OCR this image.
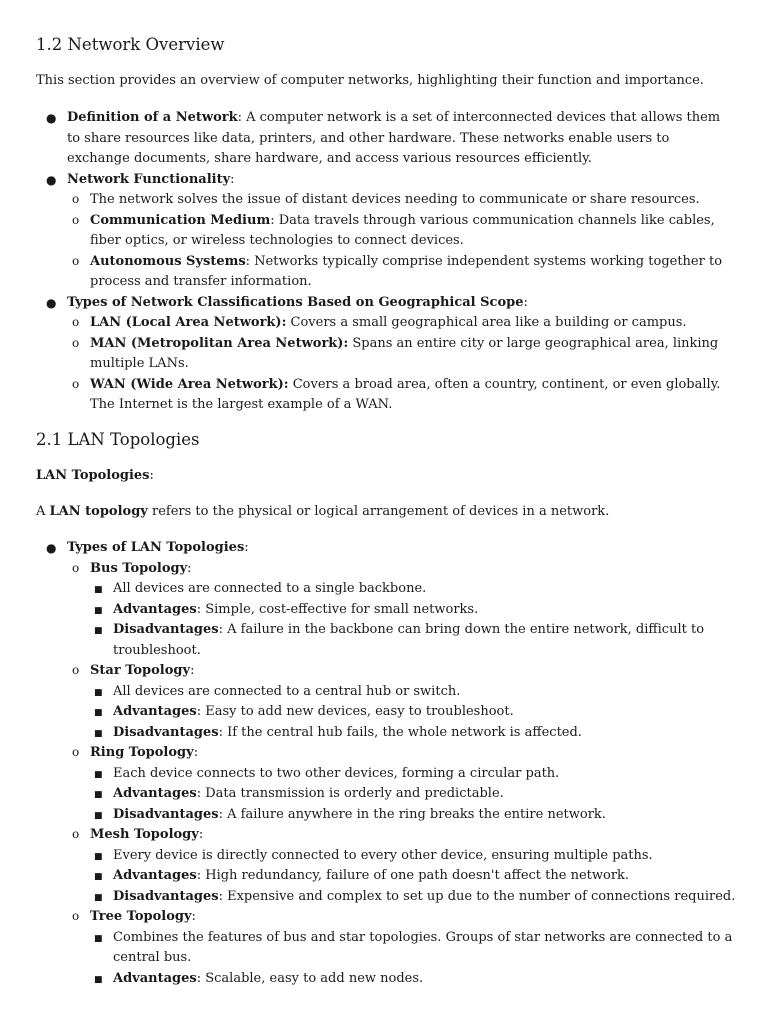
1.2 Network Overview

This section provides an overview of computer networks, highlighting their function and importance.

● Definition of a Network: A computer network is a set of interconnected devices that allows them to share resources like data, printers, and other hardware. These networks enable users to exchange documents, share hardware, and access various resources efficiently.
● Network Functionality:
o The network solves the issue of distant devices needing to communicate or share resources.
o Communication Medium: Data travels through various communication channels like cables, fiber optics, or wireless technologies to connect devices.
o Autonomous Systems: Networks typically comprise independent systems working together to process and transfer information.
● Types of Network Classifications Based on Geographical Scope:
o LAN (Local Area Network): Covers a small geographical area like a building or campus.
o MAN (Metropolitan Area Network): Spans an entire city or large geographical area, linking multiple LANs.
o WAN (Wide Area Network): Covers a broad area, often a country, continent, or even globally. The Internet is the largest example of a WAN.
2.1 LAN Topologies

LAN Topologies:

A LAN topology refers to the physical or logical arrangement of devices in a network.

● Types of LAN Topologies:
o Bus Topology:
■ All devices are connected to a single backbone.
■ Advantages: Simple, cost-effective for small networks.
■ Disadvantages: A failure in the backbone can bring down the entire network, difficult to troubleshoot.
o Star Topology:
■ All devices are connected to a central hub or switch.
■ Advantages: Easy to add new devices, easy to troubleshoot.
■ Disadvantages: If the central hub fails, the whole network is affected.
o Ring Topology:
■ Each device connects to two other devices, forming a circular path.
■ Advantages: Data transmission is orderly and predictable.
■ Disadvantages: A failure anywhere in the ring breaks the entire network.
o Mesh Topology:
■ Every device is directly connected to every other device, ensuring multiple paths.
■ Advantages: High redundancy, failure of one path doesn't affect the network.
■ Disadvantages: Expensive and complex to set up due to the number of connections required.
o Tree Topology:
■ Combines the features of bus and star topologies. Groups of star networks are connected to a central bus.
■ Advantages: Scalable, easy to add new nodes.
